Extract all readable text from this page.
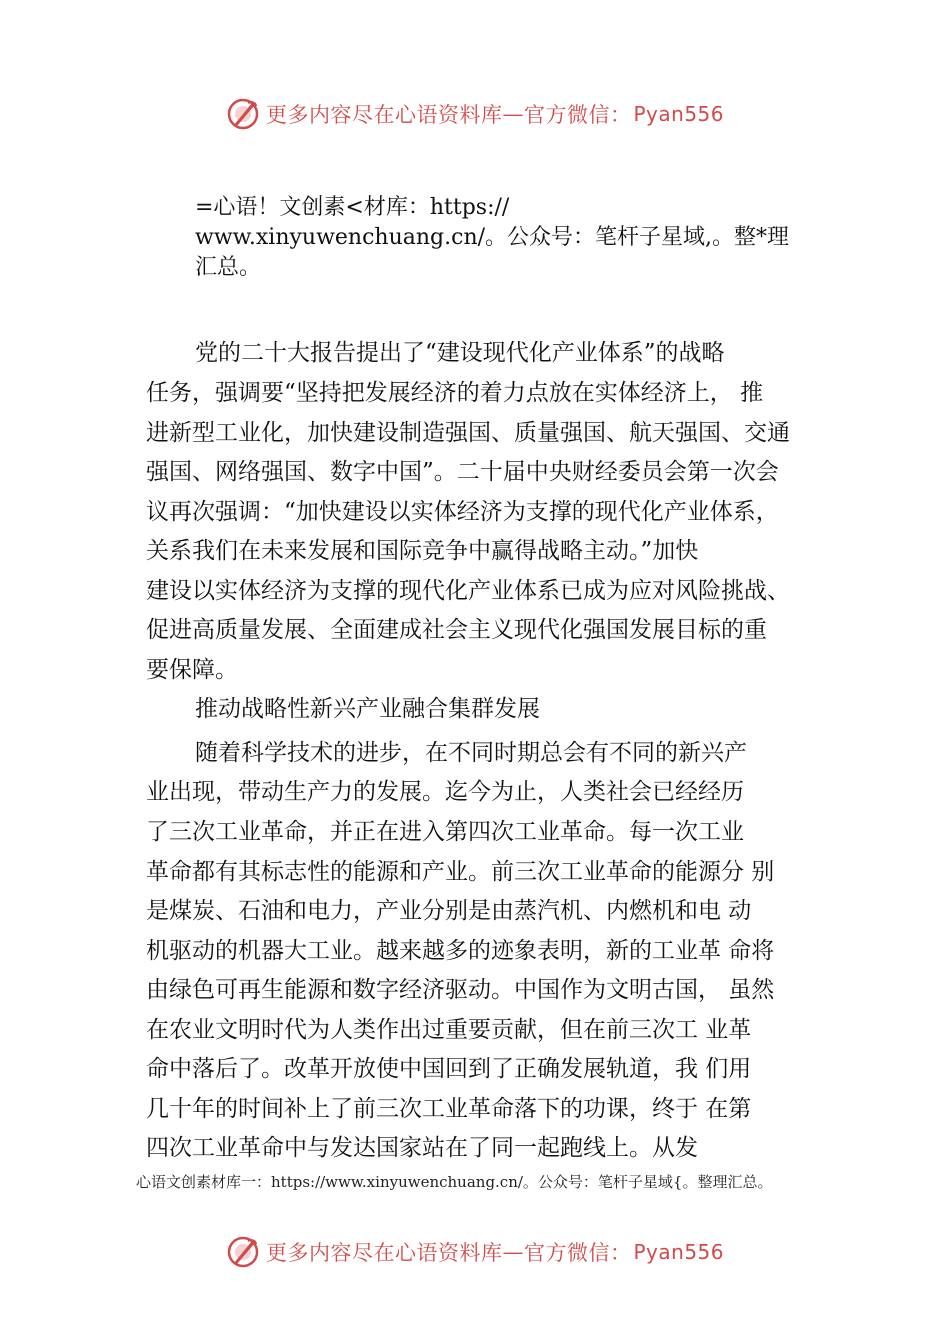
更多内容尽在心语资料库 — 官方微信： Pyan556
=心语！文创素<材库：https://
www.xinyuwenchuang.cn/。公众号：笔杆子星域,。整*理
汇总。
党的二十大报告提出了“建设现代化产业体系”的战略
任务，强调要“坚持把发展经济的着力点放在实体经济上， 推
进新型工业化，加快建设制造强国、质量强国、航天强国、交通
强国、网络强国、数字中国”。二十届中央财经委员会第一次会
议再次强调：“加快建设以实体经济为支撑的现代化产业体系，
关系我们在未来发展和国际竞争中赢得战略主动。”加快
建设以实体经济为支撑的现代化产业体系已成为应对风险挑战、
促进高质量发展、全面建成社会主义现代化强国发展目标的重
要保障。
推动战略性新兴产业融合集群发展
随着科学技术的进步，在不同时期总会有不同的新兴产
业出现，带动生产力的发展。迄今为止，人类社会已经经历
了三次工业革命，并正在进入第四次工业革命。每一次工业
革命都有其标志性的能源和产业。前三次工业革命的能源分 别
是煤炭、石油和电力，产业分别是由蒸汽机、内燃机和电 动
机驱动的机器大工业。越来越多的迹象表明，新的工业革 命将
由绿色可再生能源和数字经济驱动。中国作为文明古国， 虽然
在农业文明时代为人类作出过重要贡献，但在前三次工 业革
命中落后了。改革开放使中国回到了正确发展轨道，我 们用
几十年的时间补上了前三次工业革命落下的功课，终于 在第
四次工业革命中与发达国家站在了同一起跑线上。从发
心语文创素材库一：https://www.xinyuwenchuang.cn/。公众号：笔杆子星域{。整理汇总。
更多内容尽在心语资料库 — 官方微信： Pyan556
